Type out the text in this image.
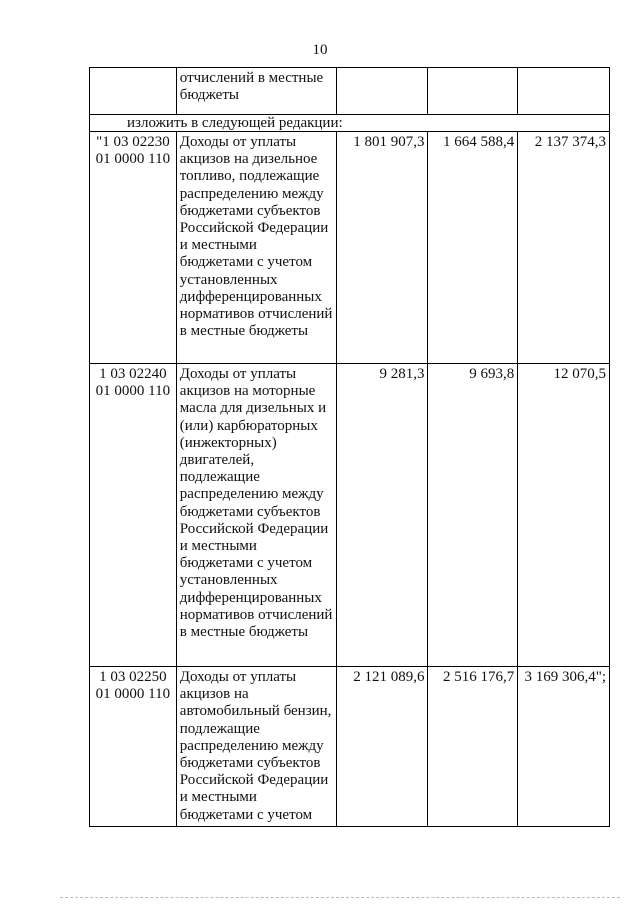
10
	отчислений в местные бюджеты			
изложить в следующей редакции:				
"1 03 02230 01 0000 110	Доходы от уплаты акцизов на дизельное топливо, подлежащие распределению между бюджетами субъектов Российской Федерации и местными бюджетами с учетом установленных дифференцированных нормативов отчислений в местные бюджеты	1 801 907,3	1 664 588,4	2 137 374,3
1 03 02240 01 0000 110	Доходы от уплаты акцизов на моторные масла для дизельных и (или) карбюраторных (инжекторных) двигателей, подлежащие распределению между бюджетами субъектов Российской Федерации и местными бюджетами с учетом установленных дифференцированных нормативов отчислений в местные бюджеты	9 281,3	9 693,8	12 070,5
1 03 02250 01 0000 110	Доходы от уплаты акцизов на автомобильный бензин, подлежащие распределению между бюджетами субъектов Российской Федерации и местными бюджетами с учетом	2 121 089,6	2 516 176,7	3 169 306,4";
